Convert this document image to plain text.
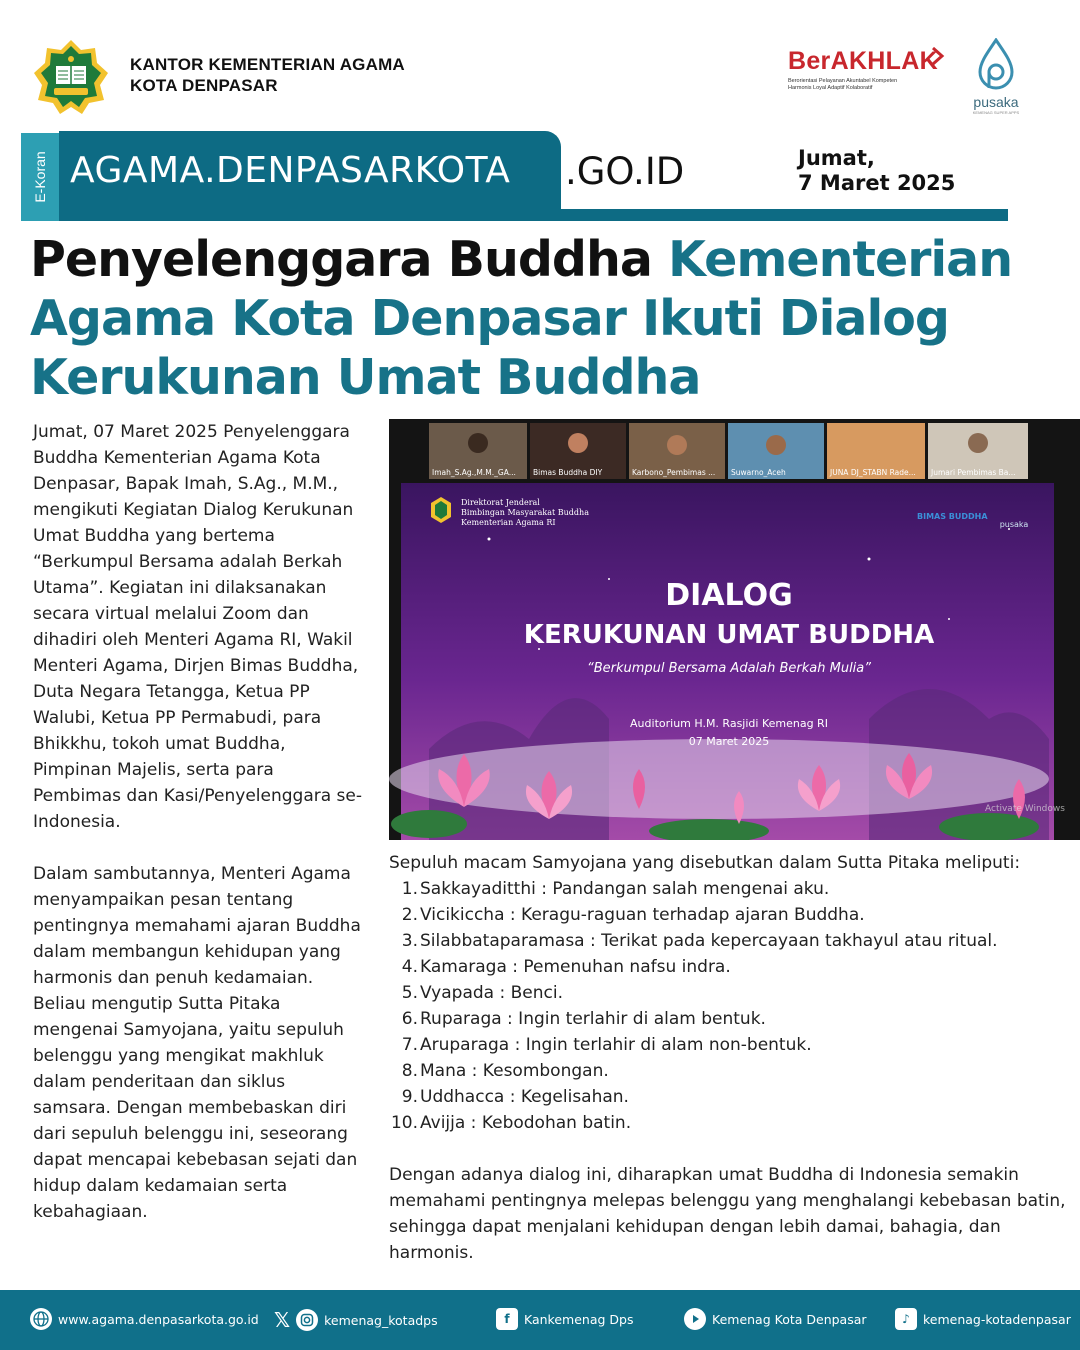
KANTOR KEMENTERIAN AGAMA
KOTA DENPASAR
BerAKHLAK
Berorientasi Pelayanan Akuntabel Kompeten
Harmonis Loyal Adaptif Kolaboratif
pusaka
KEMENAG SUPER APPS
E-Koran AGAMA.DENPASARKOTA .GO.ID	Jumat,
7 Maret 2025
Penyelenggara Buddha Kementerian Agama Kota Denpasar Ikuti Dialog Kerukunan Umat Buddha

Jumat, 07 Maret 2025 Penyelenggara Buddha Kementerian Agama Kota Denpasar, Bapak Imah, S.Ag., M.M., mengikuti Kegiatan Dialog Kerukunan Umat Buddha yang bertema “Berkumpul Bersama adalah Berkah Utama”. Kegiatan ini dilaksanakan secara virtual melalui Zoom dan dihadiri oleh Menteri Agama RI, Wakil Menteri Agama, Dirjen Bimas Buddha, Duta Negara Tetangga, Ketua PP Walubi, Ketua PP Permabudi, para Bhikkhu, tokoh umat Buddha, Pimpinan Majelis, serta para Pembimas dan Kasi/Penyelenggara se-Indonesia.

Dalam sambutannya, Menteri Agama menyampaikan pesan tentang pentingnya memahami ajaran Buddha dalam membangun kehidupan yang harmonis dan penuh kedamaian. Beliau mengutip Sutta Pitaka mengenai Samyojana, yaitu sepuluh belenggu yang mengikat makhluk dalam penderitaan dan siklus samsara. Dengan membebaskan diri dari sepuluh belenggu ini, seseorang dapat mencapai kebebasan sejati dan hidup dalam kedamaian serta kebahagiaan.

Imah_S.Ag.,M.M._GA... Bimas Buddha DIY	Karbono_Pembimas ... Suwarno_Aceh	JUNA DJ_STABN Rade... Jumari Pembimas Ba...
Direktorat Jenderal
Bimbingan Masyarakat Buddha
Kementerian Agama RI
BIMAS BUDDHA
pusaka
DIALOG
KERUKUNAN UMAT BUDDHA
“Berkumpul Bersama Adalah Berkah Mulia”
Auditorium H.M. Rasjidi Kemenag RI
07 Maret 2025
Activate Windows
Sepuluh macam Samyojana yang disebutkan dalam Sutta Pitaka meliputi:
1. Sakkayaditthi : Pandangan salah mengenai aku.
2. Vicikiccha : Keragu-raguan terhadap ajaran Buddha.
3. Silabbataparamasa : Terikat pada kepercayaan takhayul atau ritual.
4. Kamaraga : Pemenuhan nafsu indra.
5. Vyapada : Benci.
6. Ruparaga : Ingin terlahir di alam bentuk.
7. Aruparaga : Ingin terlahir di alam non-bentuk.
8. Mana : Kesombongan.
9. Uddhacca : Kegelisahan.
10. Avijja : Kebodohan batin.

Dengan adanya dialog ini, diharapkan umat Buddha di Indonesia semakin memahami pentingnya melepas belenggu yang menghalangi kebebasan batin, sehingga dapat menjalani kehidupan dengan lebih damai, bahagia, dan harmonis.

www.agama.denpasarkota.go.id 𝕏	kemenag_kotadps	f	Kankemenag Dps	Kemenag Kota Denpasar	♪	kemenag-kotadenpasar
